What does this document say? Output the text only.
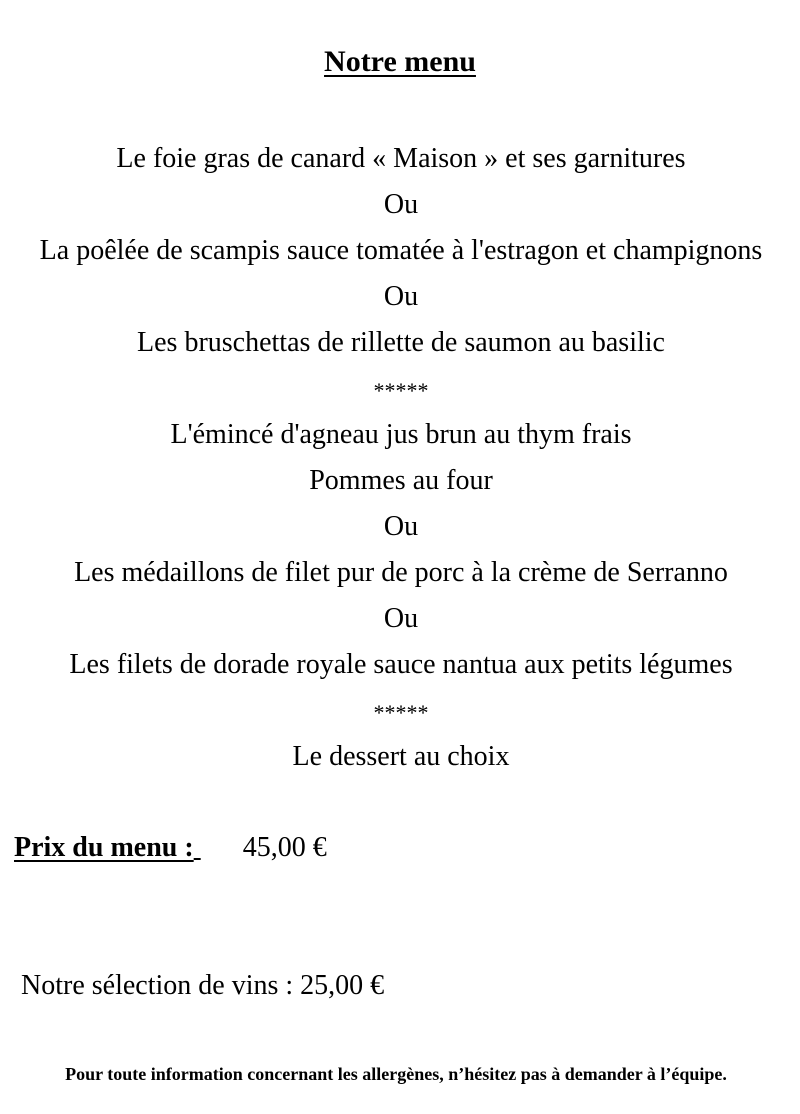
Notre menu
Le foie gras de canard « Maison » et ses garnitures
Ou
La poêlée de scampis sauce tomatée à l'estragon et champignons
Ou
Les bruschettas de rillette de saumon au basilic
*****
L'émincé d'agneau jus brun au thym frais
Pommes au four
Ou
Les médaillons de filet pur de porc à la crème de Serranno
Ou
Les filets de dorade royale sauce nantua aux petits légumes
*****
Le dessert au choix
Prix du menu : 45,00 €
Notre sélection de vins : 25,00 €
Pour toute information concernant les allergènes, n’hésitez pas à demander à l’équipe.
